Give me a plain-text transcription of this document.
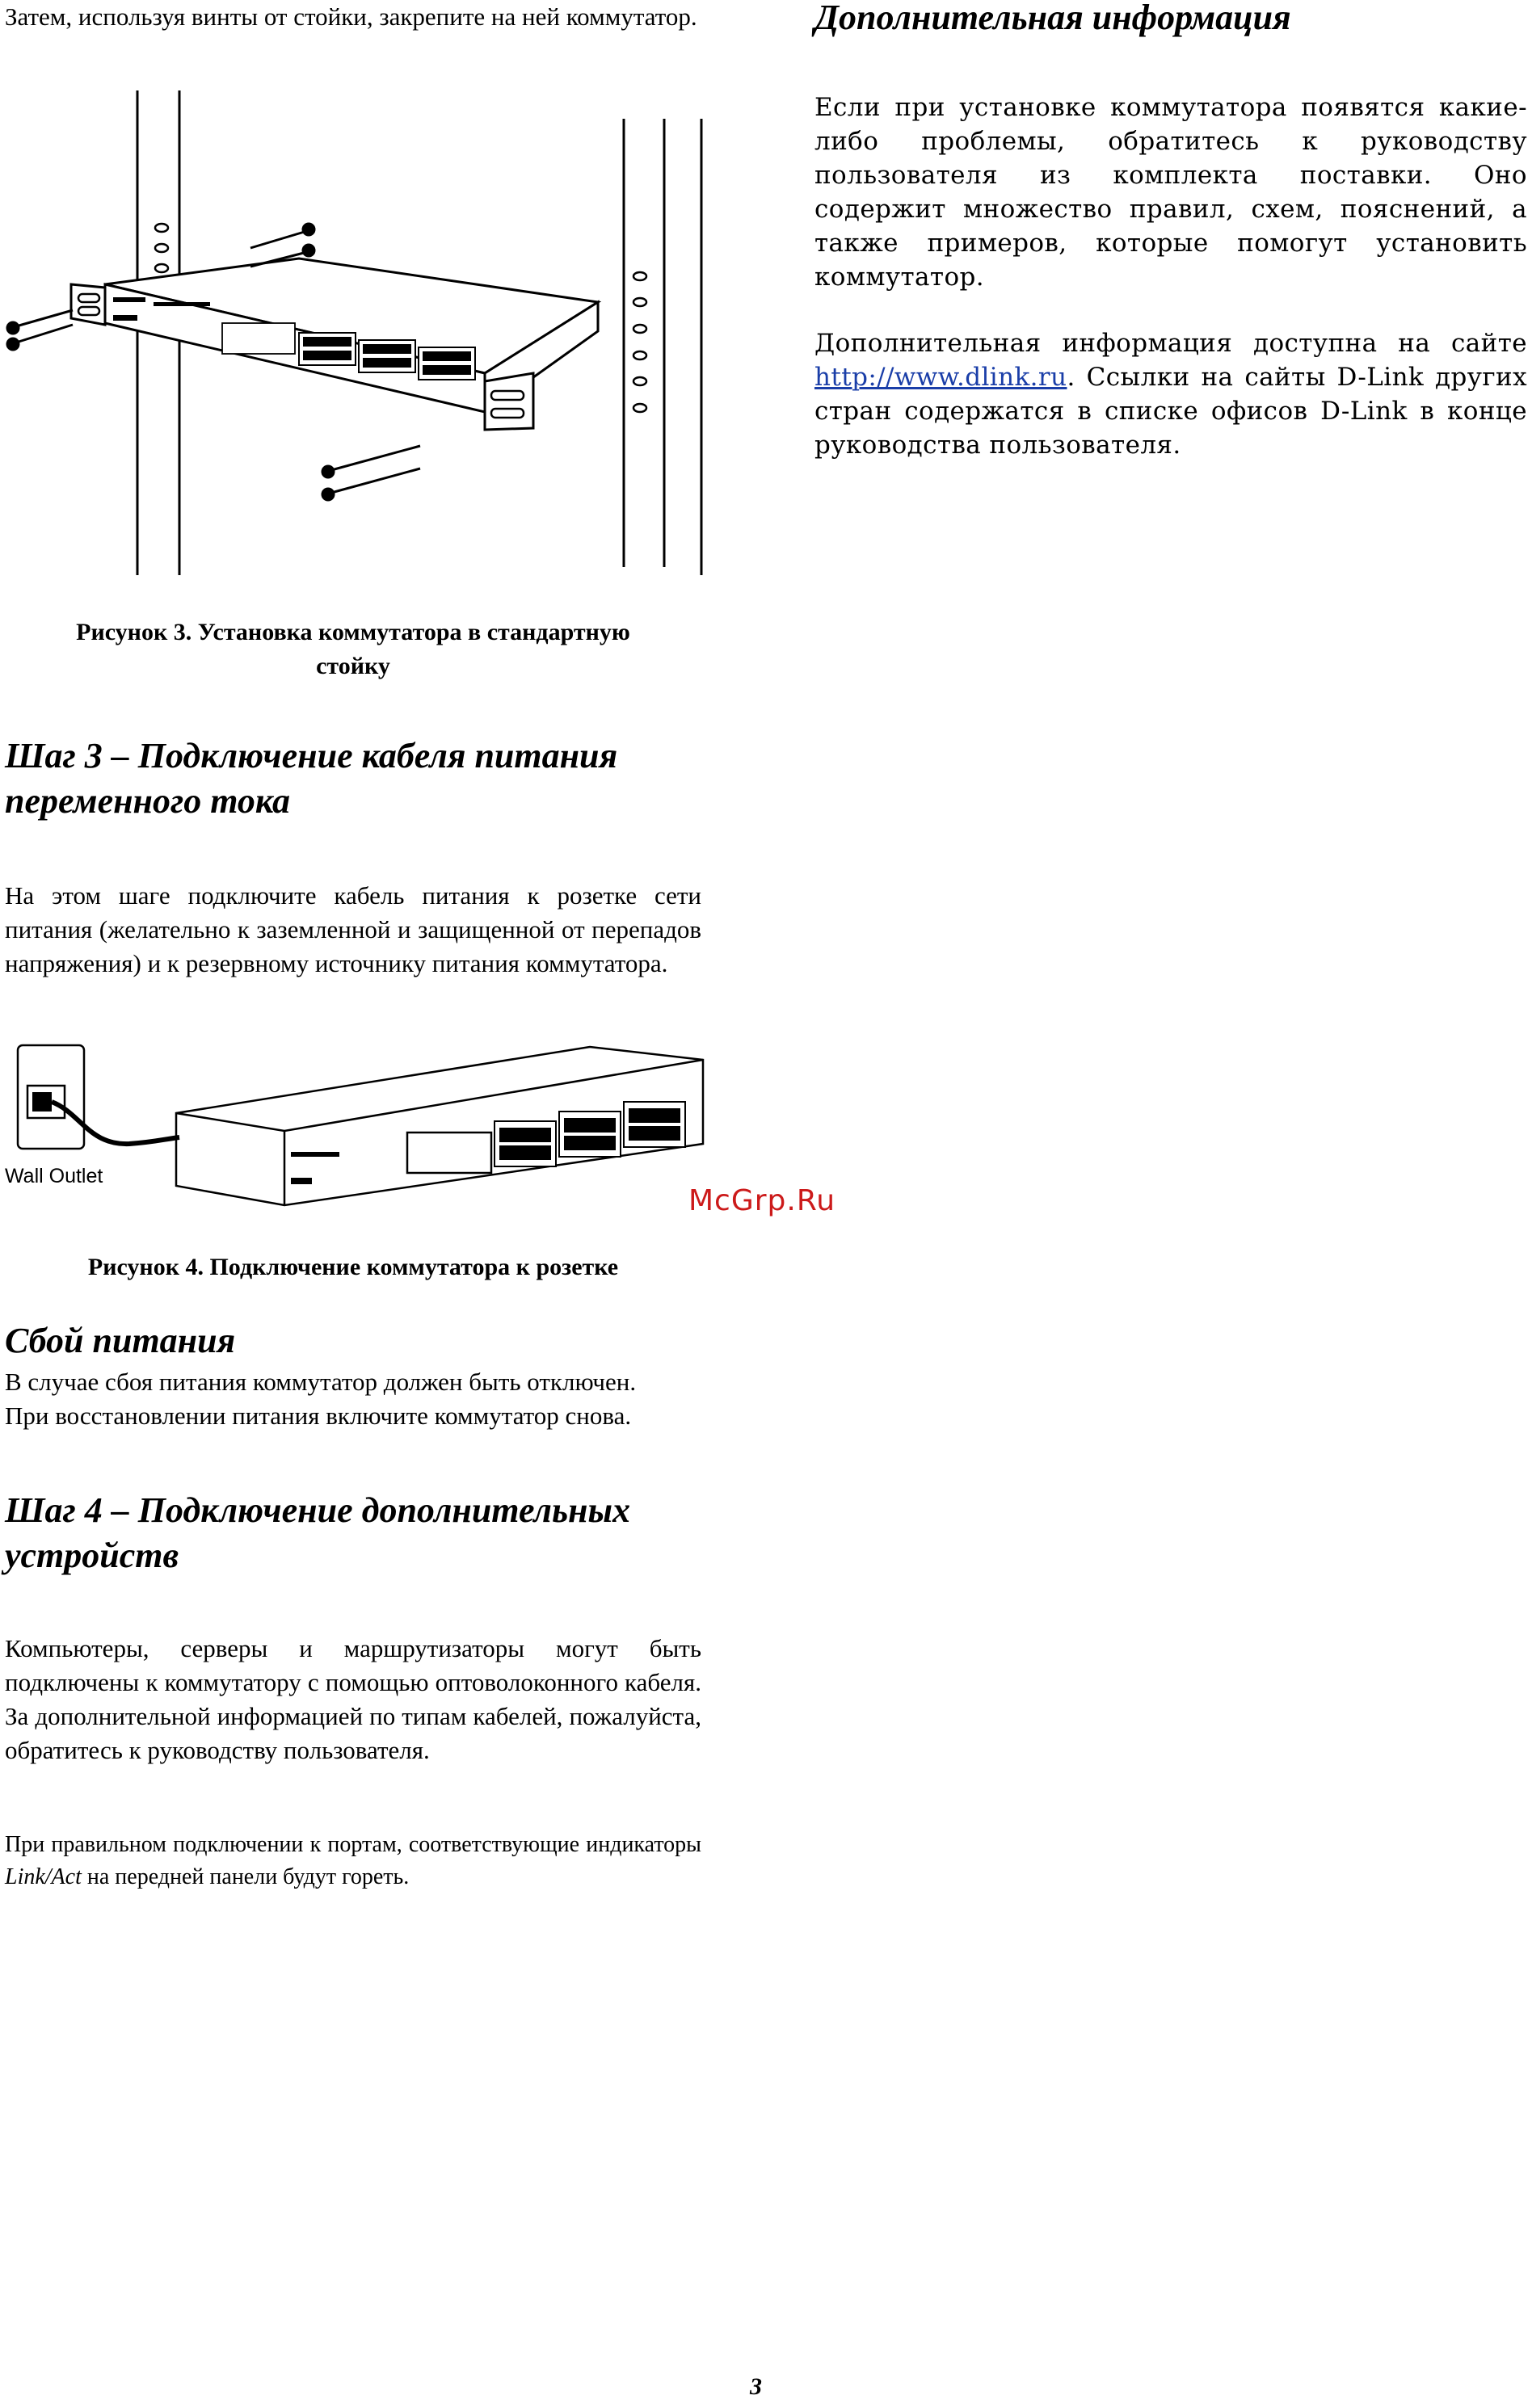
Затем, используя винты от стойки, закрепите на ней коммутатор.

Рисунок 3. Установка коммутатора в стандартную

стойку

Шаг 3 – Подключение кабеля питания

переменного тока

На этом шаге подключите кабель питания к розетке сети питания (желательно к заземленной и защищенной от перепадов напряжения) и к резервному источнику питания коммутатора.

Wall Outlet

Рисунок 4. Подключение коммутатора к розетке

Сбой питания

В случае сбоя питания коммутатор должен быть отключен. При восстановлении питания включите коммутатор снова.

Шаг 4 – Подключение дополнительных

устройств

Компьютеры, серверы и маршрутизаторы могут быть подключены к коммутатору с помощью оптоволоконного кабеля. За дополнительной информацией по типам кабелей, пожалуйста, обратитесь к руководству пользователя.

При правильном подключении к портам, соответствующие индикаторы Link/Act на передней панели будут гореть.

Дополнительная информация

Если при установке коммутатора появятся какие-либо проблемы, обратитесь к руководству пользователя из комплекта поставки. Оно содержит множество правил, схем, пояснений, а также примеров, которые помогут установить коммутатор.

Дополнительная информация доступна на сайте http://www.dlink.ru. Ссылки на сайты D-Link других стран содержатся в списке офисов D-Link в конце руководства пользователя.

McGrp.Ru
3
